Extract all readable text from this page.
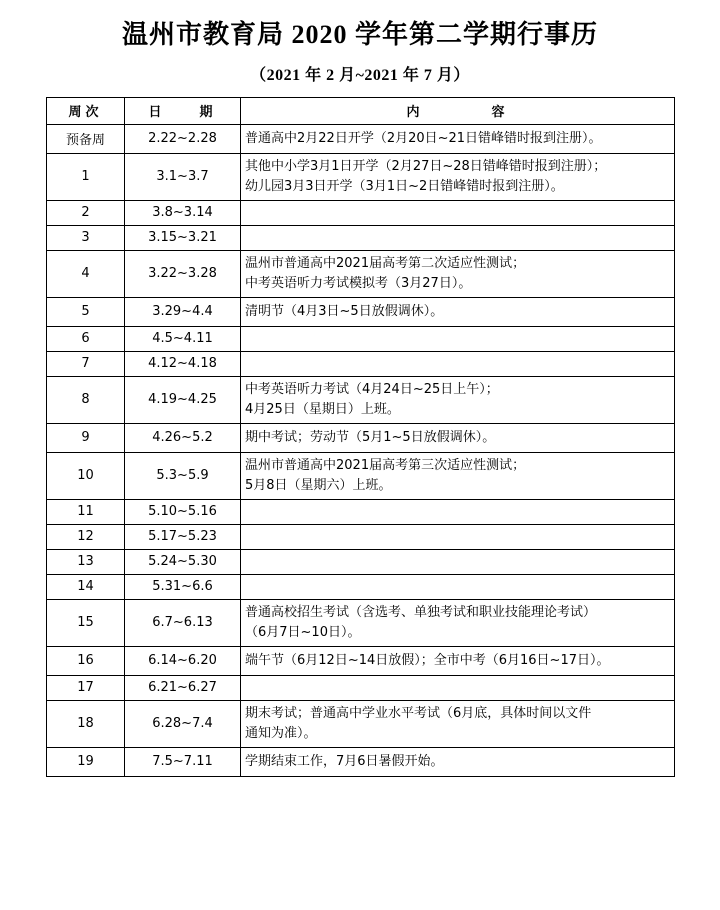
温州市教育局 2020 学年第二学期行事历
（2021 年 2 月~2021 年 7 月）
周次	日　　期	内　　　　容
预备周	2.22~2.28	普通高中2月22日开学（2月20日~21日错峰错时报到注册）。

1	3.1~3.7	其他中小学3月1日开学（2月27日~28日错峰错时报到注册）；
幼儿园3月3日开学（3月1日~2日错峰错时报到注册）。

2	3.8~3.14	
3	3.15~3.21	
4	3.22~3.28	温州市普通高中2021届高考第二次适应性测试；
中考英语听力考试模拟考（3月27日）。

5	3.29~4.4	清明节（4月3日~5日放假调休）。

6	4.5~4.11	
7	4.12~4.18	
8	4.19~4.25	中考英语听力考试（4月24日~25日上午）；
4月25日（星期日）上班。

9	4.26~5.2	期中考试；劳动节（5月1~5日放假调休）。

10	5.3~5.9	温州市普通高中2021届高考第三次适应性测试；
5月8日（星期六）上班。

11	5.10~5.16	
12	5.17~5.23	
13	5.24~5.30	
14	5.31~6.6	
15	6.7~6.13	普通高校招生考试（含选考、单独考试和职业技能理论考试）
（6月7日~10日）。

16	6.14~6.20	端午节（6月12日~14日放假）；全市中考（6月16日~17日）。

17	6.21~6.27	
18	6.28~7.4	期末考试；普通高中学业水平考试（6月底，具体时间以文件
通知为准）。

19	7.5~7.11	学期结束工作，7月6日暑假开始。
